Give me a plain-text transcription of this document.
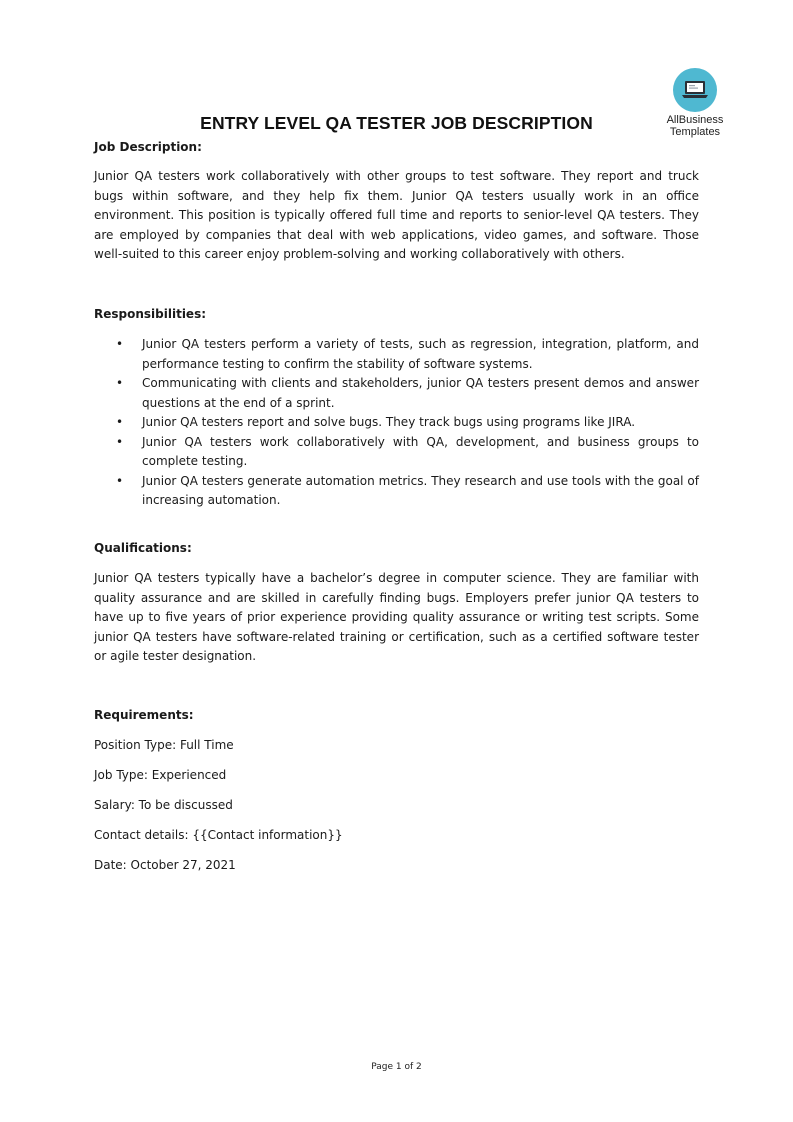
AllBusiness
Templates
ENTRY LEVEL QA TESTER JOB DESCRIPTION

Job Description:

Junior QA testers work collaboratively with other groups to test software. They report and truck bugs within software, and they help fix them. Junior QA testers usually work in an office environment. This position is typically offered full time and reports to senior-level QA testers. They are employed by companies that deal with web applications, video games, and software. Those well-suited to this career enjoy problem-solving and working collaboratively with others.

Responsibilities:

• Junior QA testers perform a variety of tests, such as regression, integration, platform, and performance testing to confirm the stability of software systems.
• Communicating with clients and stakeholders, junior QA testers present demos and answer questions at the end of a sprint.
• Junior QA testers report and solve bugs. They track bugs using programs like JIRA.
• Junior QA testers work collaboratively with QA, development, and business groups to complete testing.
• Junior QA testers generate automation metrics. They research and use tools with the goal of increasing automation.

Qualifications:

Junior QA testers typically have a bachelor’s degree in computer science. They are familiar with quality assurance and are skilled in carefully finding bugs. Employers prefer junior QA testers to have up to five years of prior experience providing quality assurance or writing test scripts. Some junior QA testers have software-related training or certification, such as a certified software tester or agile tester designation.

Requirements:

Position Type: Full Time
Job Type: Experienced
Salary: To be discussed
Contact details: {{Contact information}}
Date: October 27, 2021
Page 1 of 2
